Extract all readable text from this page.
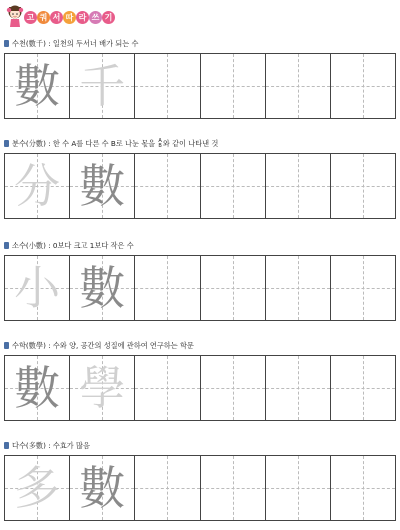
고 쿼 서 따 라 쓰 기
수천(數千) : 일천의 두서너 배가 되는 수
數 千
분수(分數) : 한 수 A를 다른 수 B로 나눈 몫을 A
B 와 같이 나타낸 것
分 數
소수(小數) : 0보다 크고 1보다 작은 수
小 數
수학(數學) : 수와 양, 공간의 성질에 관하여 연구하는 학문
數 學
다수(多數) : 수효가 많음
多 數
